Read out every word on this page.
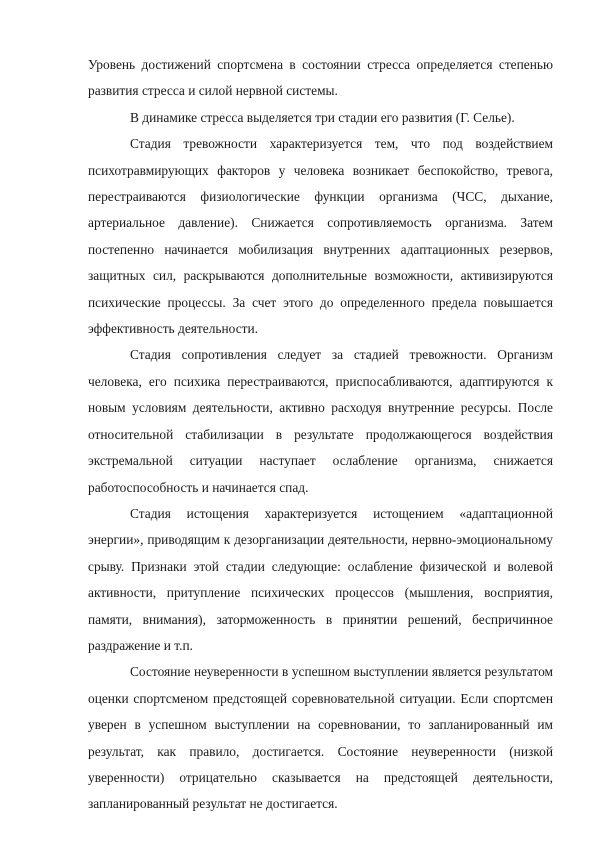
Уровень достижений спортсмена в состоянии стресса определяется степенью развития стресса и силой нервной системы.

В динамике стресса выделяется три стадии его развития (Г. Селье).

Стадия тревожности характеризуется тем, что под воздействием психотравмирующих факторов у человека возникает беспокойство, тревога, перестраиваются физиологические функции организма (ЧСС, дыхание, артериальное давление). Снижается сопротивляемость организма. Затем постепенно начинается мобилизация внутренних адаптационных резервов, защитных сил, раскрываются дополнительные возможности, активизируются психические процессы. За счет этого до определенного предела повышается эффективность деятельности.

Стадия сопротивления следует за стадией тревожности. Организм человека, его психика перестраиваются, приспосабливаются, адаптируются к новым условиям деятельности, активно расходуя внутренние ресурсы. После относительной стабилизации в результате продолжающегося воздействия экстремальной ситуации наступает ослабление организма, снижается работоспособность и начинается спад.

Стадия истощения характеризуется истощением «адаптационной энергии», приводящим к дезорганизации деятельности, нервно-эмоциональному срыву. Признаки этой стадии следующие: ослабление физической и волевой активности, притупление психических процессов (мышления, восприятия, памяти, внимания), заторможенность в принятии решений, беспричинное раздражение и т.п.

Состояние неуверенности в успешном выступлении является результатом оценки спортсменом предстоящей соревновательной ситуации. Если спортсмен уверен в успешном выступлении на соревновании, то запланированный им результат, как правило, достигается. Состояние неуверенности (низкой уверенности) отрицательно сказывается на предстоящей деятельности, запланированный результат не достигается.
